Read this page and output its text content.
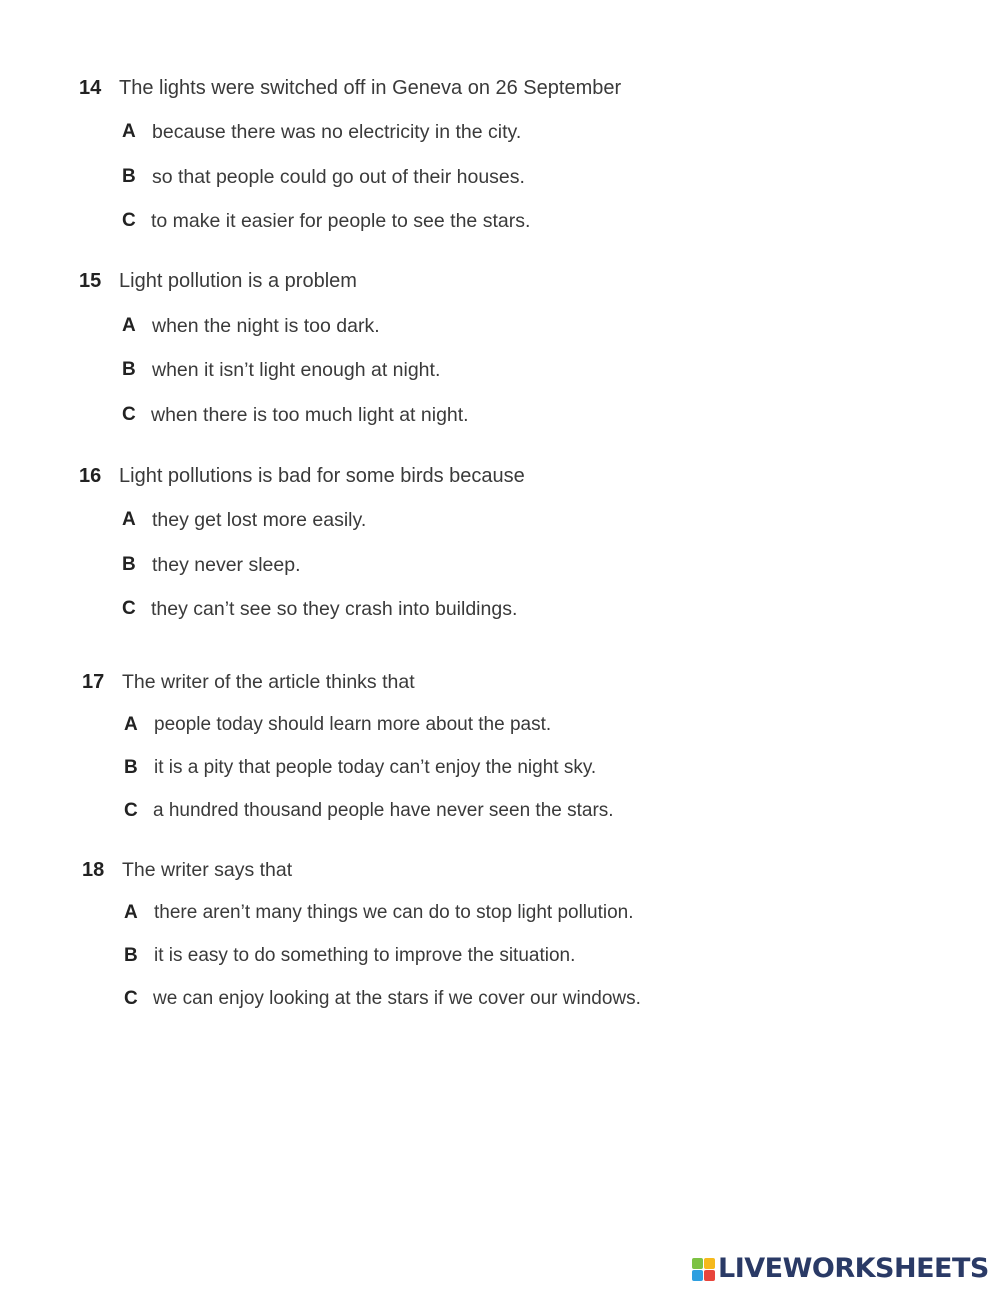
14 The lights were switched off in Geneva on 26 September
A because there was no electricity in the city.
B so that people could go out of their houses.
C to make it easier for people to see the stars.
15 Light pollution is a problem
A when the night is too dark.
B when it isn’t light enough at night.
C when there is too much light at night.
16 Light pollutions is bad for some birds because
A they get lost more easily.
B they never sleep.
C they can’t see so they crash into buildings.
17 The writer of the article thinks that
A people today should learn more about the past.
B it is a pity that people today can’t enjoy the night sky.
C a hundred thousand people have never seen the stars.
18 The writer says that
A there aren’t many things we can do to stop light pollution.
B it is easy to do something to improve the situation.
C we can enjoy looking at the stars if we cover our windows.
LIVEWORKSHEETS
